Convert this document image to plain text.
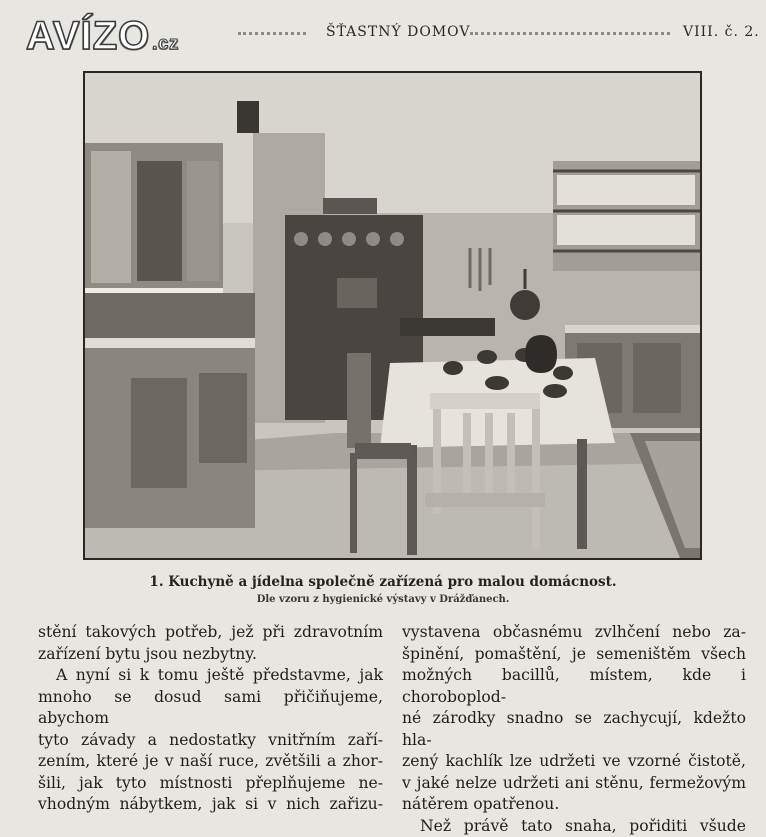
AVÍZO .cz
ŠŤASTNÝ DOMOV	VIII. č. 2.
1. Kuchyně a jídelna společně zařízená pro malou domácnost.
Dle vzoru z hygienické výstavy v Drážďanech.

stění takových potřeb, jež při zdravotním

zařízení bytu jsou nezbytny.

A nyní si k tomu ještě představme, jak

mnoho se dosud sami přičiňujeme, abychom

tyto závady a nedostatky vnitřním zaří-

zením, které je v naší ruce, zvětšili a zhor-

šili, jak tyto místnosti přeplňujeme ne-

vhodným nábytkem, jak si v nich zařizu-

vystavena občasnému zvlhčení nebo za-

špinění, pomaštění, je semeništěm všech

možných bacillů, místem, kde i choroboplod-

né zárodky snadno se zachycují, kdežto hla-

zený kachlík lze udržeti ve vzorné čistotě,

v jaké nelze udržeti ani stěnu, fermežovým

nátěrem opatřenou.

Než právě tato snaha, pořiditi všude
